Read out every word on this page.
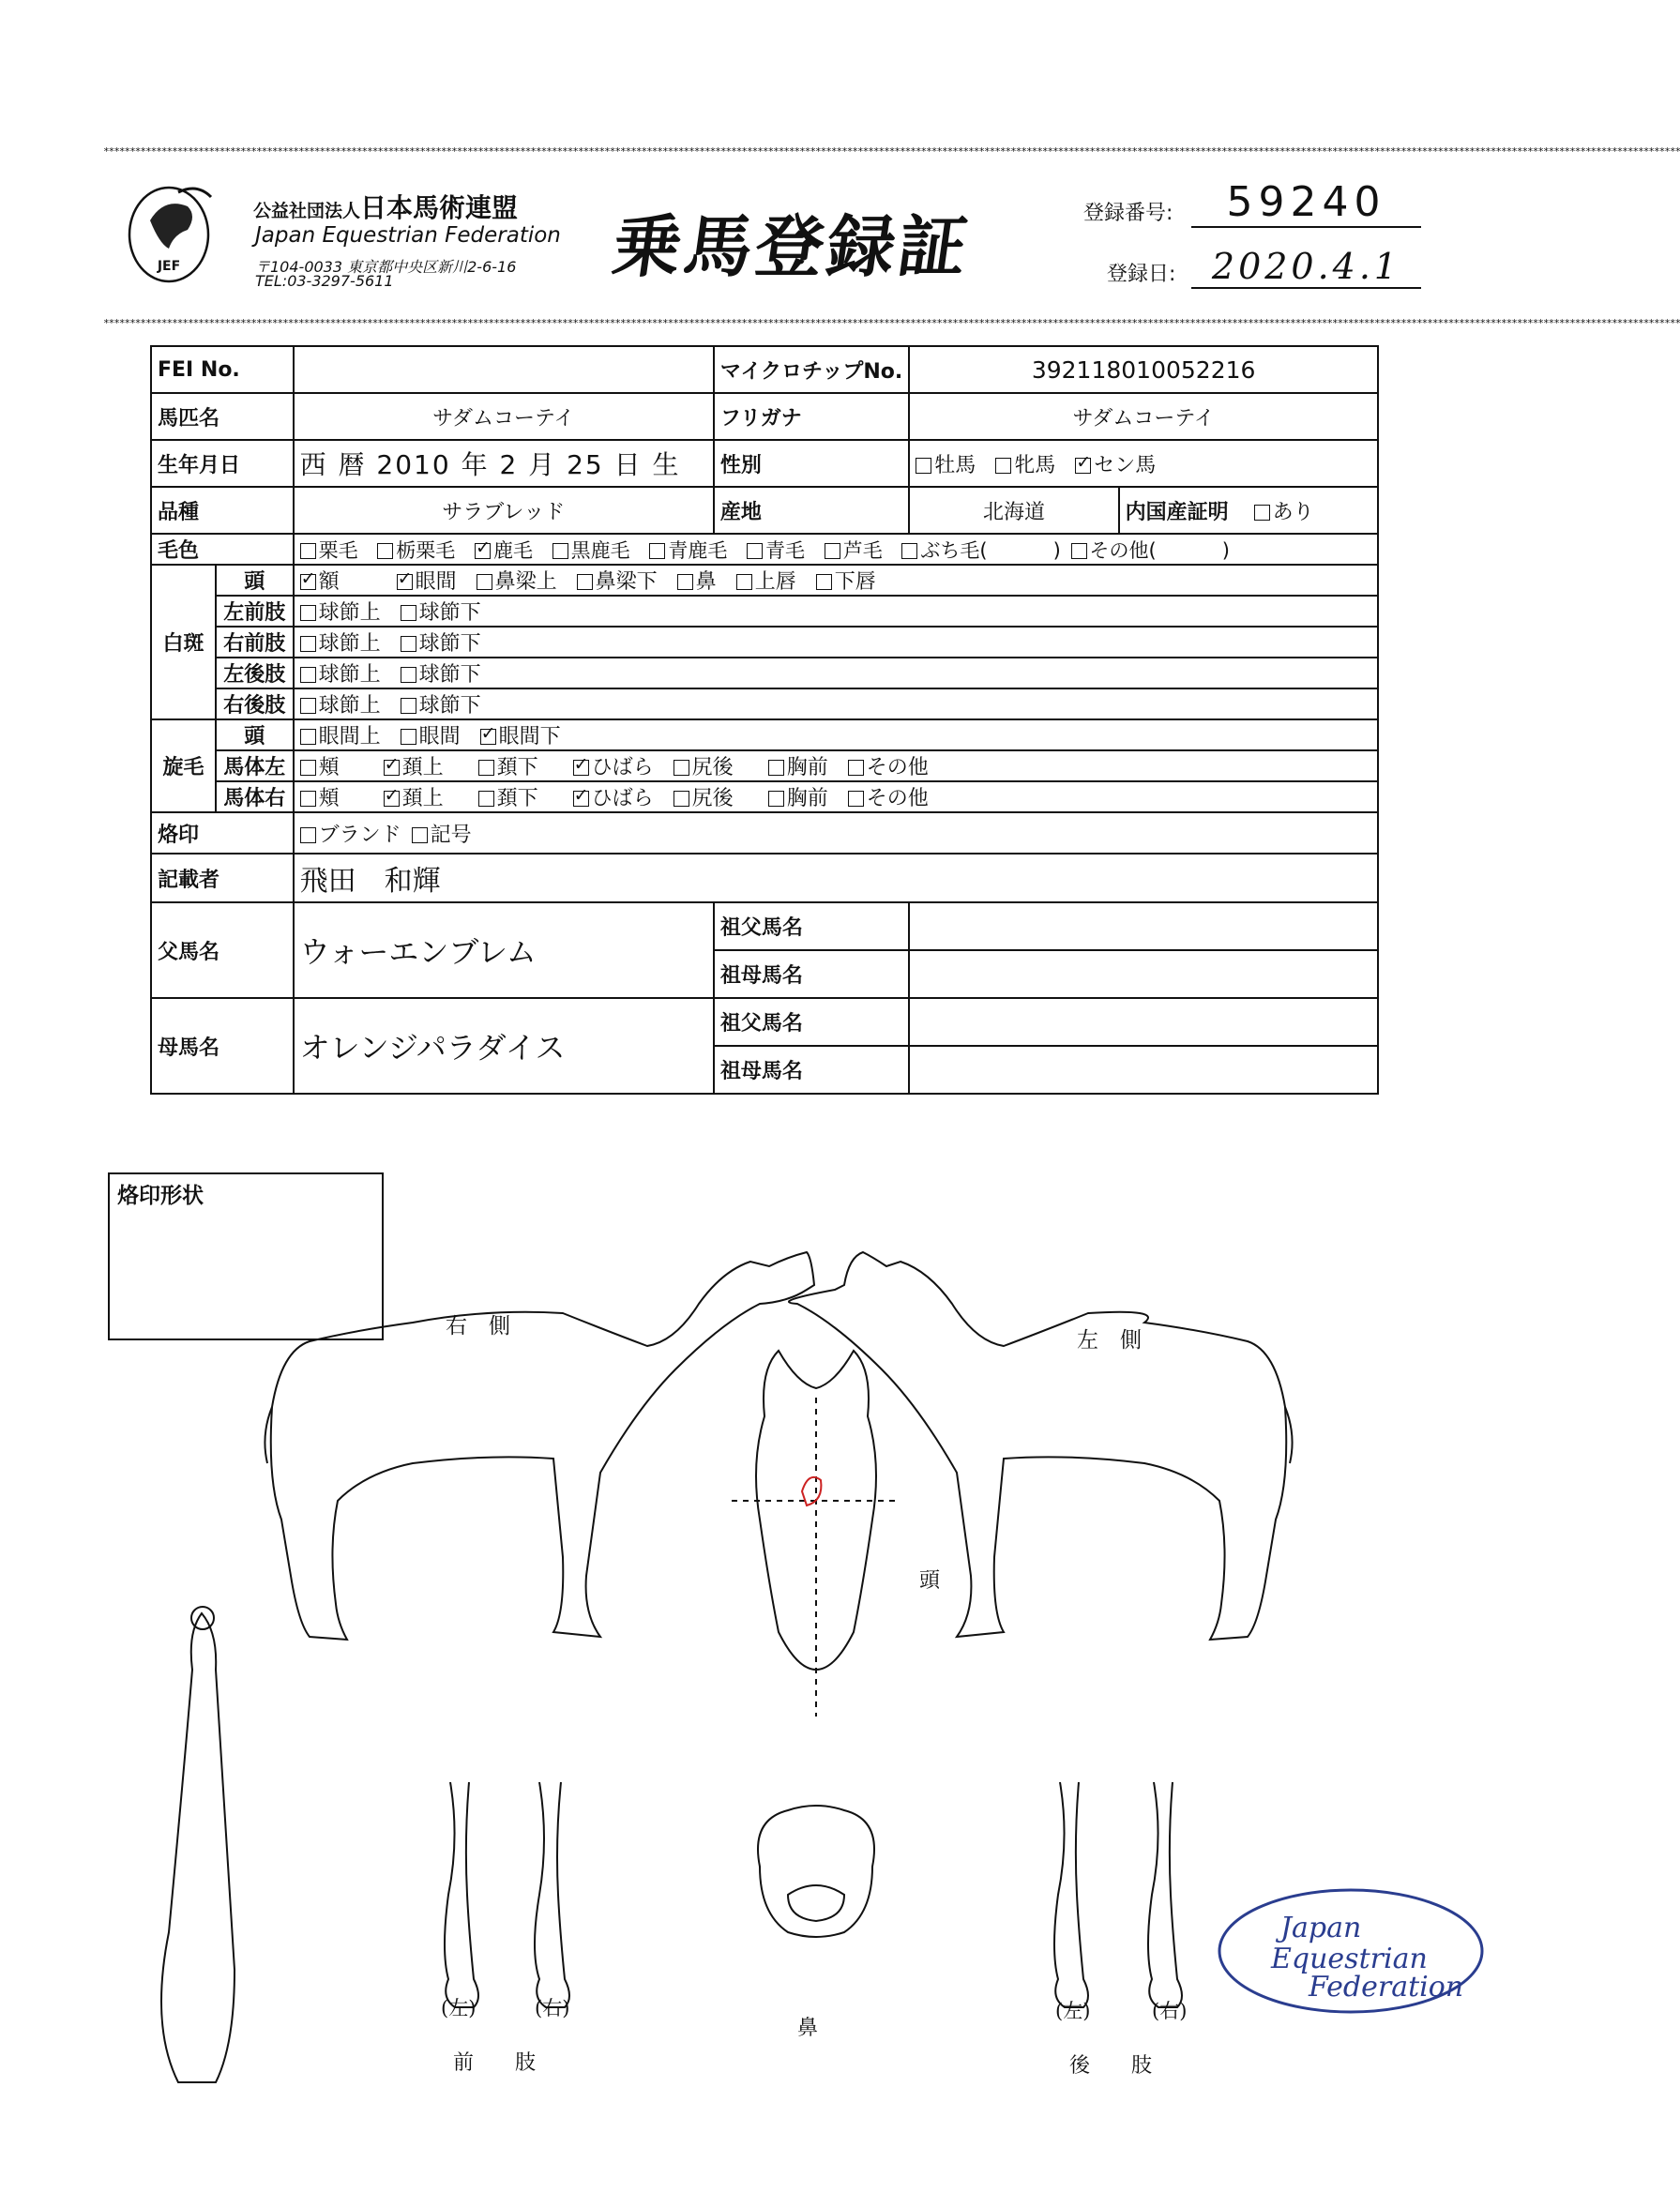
***********************************************************************************************************************************************************************************************************************************************************************************************************
***********************************************************************************************************************************************************************************************************************************************************************************************************
JEF
公益社団法人日本馬術連盟
Japan Equestrian Federation
〒104-0033 東京都中央区新川2-6-16
TEL:03-3297-5611	乗馬登録証	登録番号:	59240
登録日:	2020.4.1
FEI No.			マイクロチップNo.	392118010052216	
馬匹名		サダムコーテイ	フリガナ	サダムコーテイ	
生年月日		西 暦 2010 年 2 月 25 日 生	性別	牡馬 牝馬 ✓ セン馬
品種		サラブレッド	産地	北海道	内国産証明 あり
毛色		栗毛 栃栗毛 ✓ 鹿毛 黒鹿毛 青鹿毛 青毛 芦毛 ぶち毛( ) その他( )
白斑	頭	✓額 ✓ 眼間 鼻梁上 鼻梁下 鼻 上唇 下唇
	左前肢	球節上 球節下			
	右前肢	球節上 球節下			
	左後肢	球節上 球節下			
	右後肢	球節上 球節下			
旋毛	頭	眼間上 眼間 ✓ 眼間下
	馬体左	頬 ✓ 頚上 頚下 ✓ ひばら 尻後 胸前 その他
	馬体右	頬 ✓ 頚上 頚下 ✓ ひばら 尻後 胸前 その他
烙印		ブランド 記号			
記載者		飛田　和輝			
父馬名		ウォーエンブレム	祖父馬名		
			祖母馬名		
母馬名		オレンジパラダイス	祖父馬名		
			祖母馬名		
烙印形状
右　側
左　側
頭
鼻
(左)	(右)
前　　肢
(左)	(右)
後　　肢
Japan
Equestrian
Federation
